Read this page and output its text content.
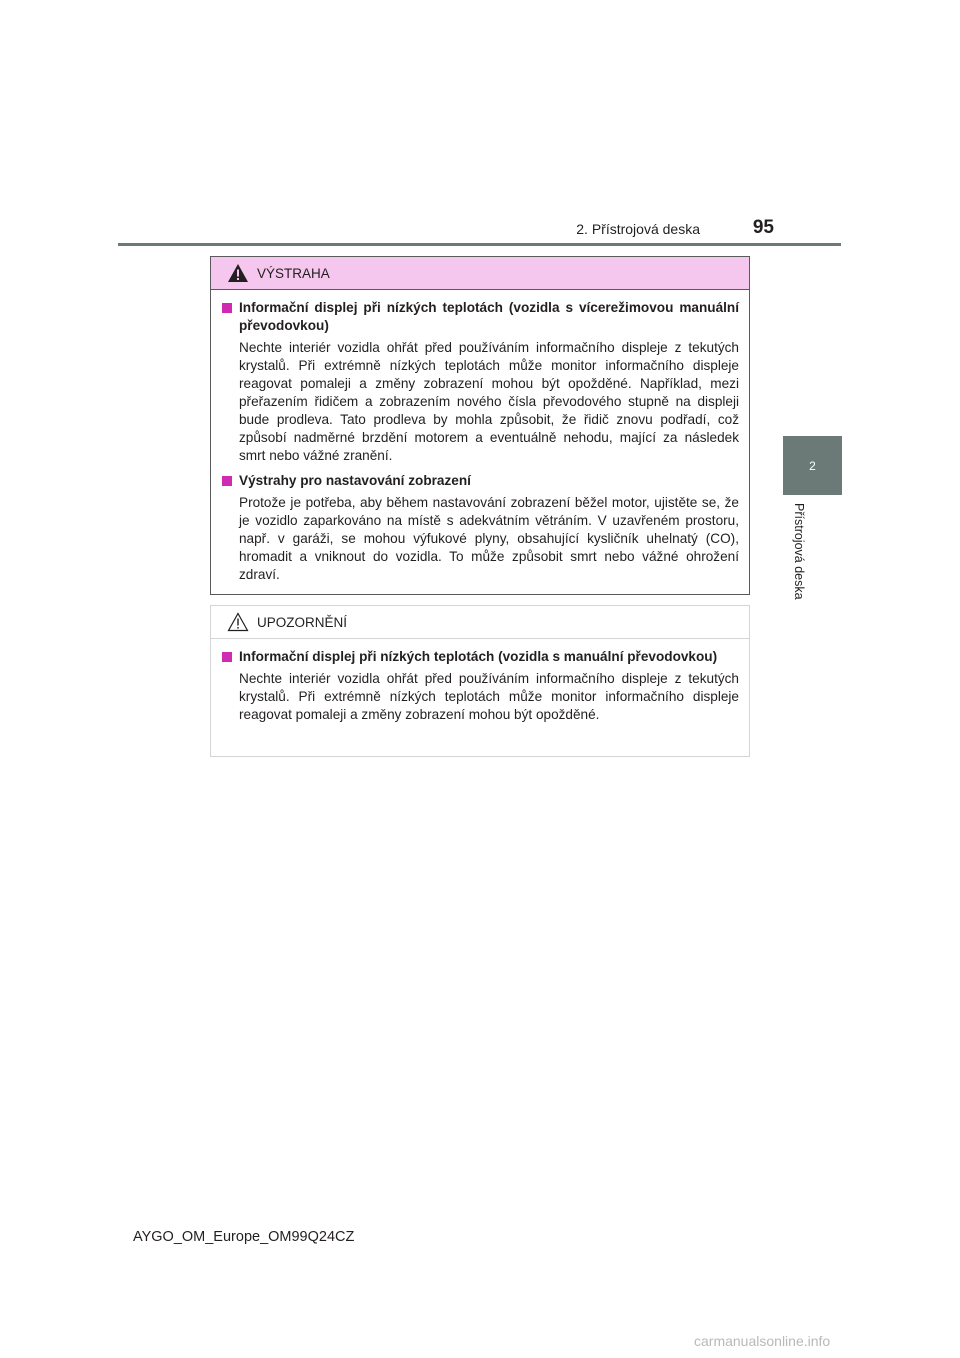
2. Přístrojová deska	95
2
Přístrojová deska
VÝSTRAHA
Informační displej při nízkých teplotách (vozidla s vícerežimovou manuální převodovkou)
Nechte interiér vozidla ohřát před používáním informačního displeje z tekutých krystalů. Při extrémně nízkých teplotách může monitor informačního displeje reagovat pomaleji a změny zobrazení mohou být opožděné. Například, mezi přeřazením řidičem a zobrazením nového čísla převodového stupně na displeji bude prodleva. Tato prodleva by mohla způsobit, že řidič znovu podřadí, což způsobí nadměrné brzdění motorem a eventuálně nehodu, mající za následek smrt nebo vážné zranění.
Výstrahy pro nastavování zobrazení
Protože je potřeba, aby během nastavování zobrazení běžel motor, ujistěte se, že je vozidlo zaparkováno na místě s adekvátním větráním. V uzavřeném prostoru, např. v garáži, se mohou výfukové plyny, obsahující kysličník uhelnatý (CO), hromadit a vniknout do vozidla. To může způsobit smrt nebo vážné ohrožení zdraví.
UPOZORNĚNÍ
Informační displej při nízkých teplotách (vozidla s manuální převodovkou)
Nechte interiér vozidla ohřát před používáním informačního displeje z tekutých krystalů. Při extrémně nízkých teplotách může monitor informačního displeje reagovat pomaleji a změny zobrazení mohou být opožděné.
AYGO_OM_Europe_OM99Q24CZ
carmanualsonline.info
